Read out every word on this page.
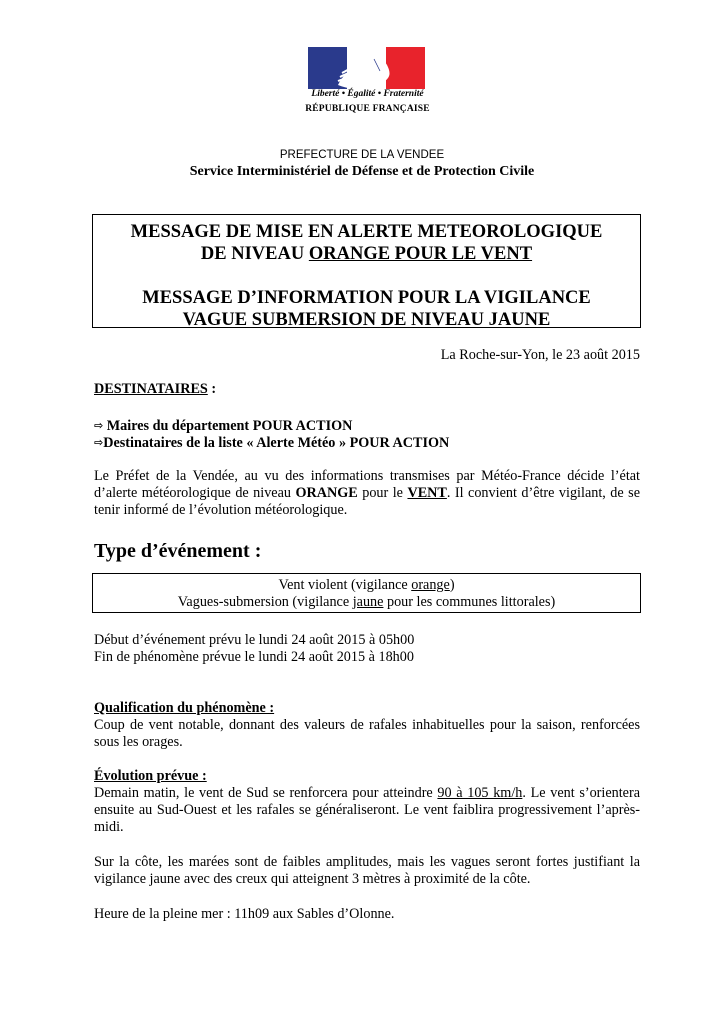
Liberté • Égalité • Fraternité
RÉPUBLIQUE FRANÇAISE
PREFECTURE DE LA VENDEE
Service Interministériel de Défense et de Protection Civile
MESSAGE DE MISE EN ALERTE METEOROLOGIQUE
DE NIVEAU ORANGE POUR LE VENT
MESSAGE D’INFORMATION POUR LA VIGILANCE
VAGUE SUBMERSION DE NIVEAU JAUNE
La Roche-sur-Yon, le 23 août 2015
DESTINATAIRES :
⇨ Maires du département POUR ACTION
⇨Destinataires de la liste « Alerte Météo » POUR ACTION
Le Préfet de la Vendée, au vu des informations transmises par Météo-France décide l’état d’alerte météorologique de niveau ORANGE pour le VENT. Il convient d’être vigilant, de se tenir informé de l’évolution météorologique.
Type d’événement :
Vent violent (vigilance orange)
Vagues-submersion (vigilance jaune pour les communes littorales)
Début d’événement prévu le lundi 24 août 2015 à 05h00
Fin de phénomène prévue le lundi 24 août 2015 à 18h00
Qualification du phénomène :
Coup de vent notable, donnant des valeurs de rafales inhabituelles pour la saison, renforcées sous les orages.
Évolution prévue :
Demain matin, le vent de Sud se renforcera pour atteindre 90 à 105 km/h. Le vent s’orientera ensuite au Sud-Ouest et les rafales se généraliseront. Le vent faiblira progressivement l’après-midi.
Sur la côte, les marées sont de faibles amplitudes, mais les vagues seront fortes justifiant la vigilance jaune avec des creux qui atteignent 3 mètres à proximité de la côte.
Heure de la pleine mer : 11h09 aux Sables d’Olonne.
